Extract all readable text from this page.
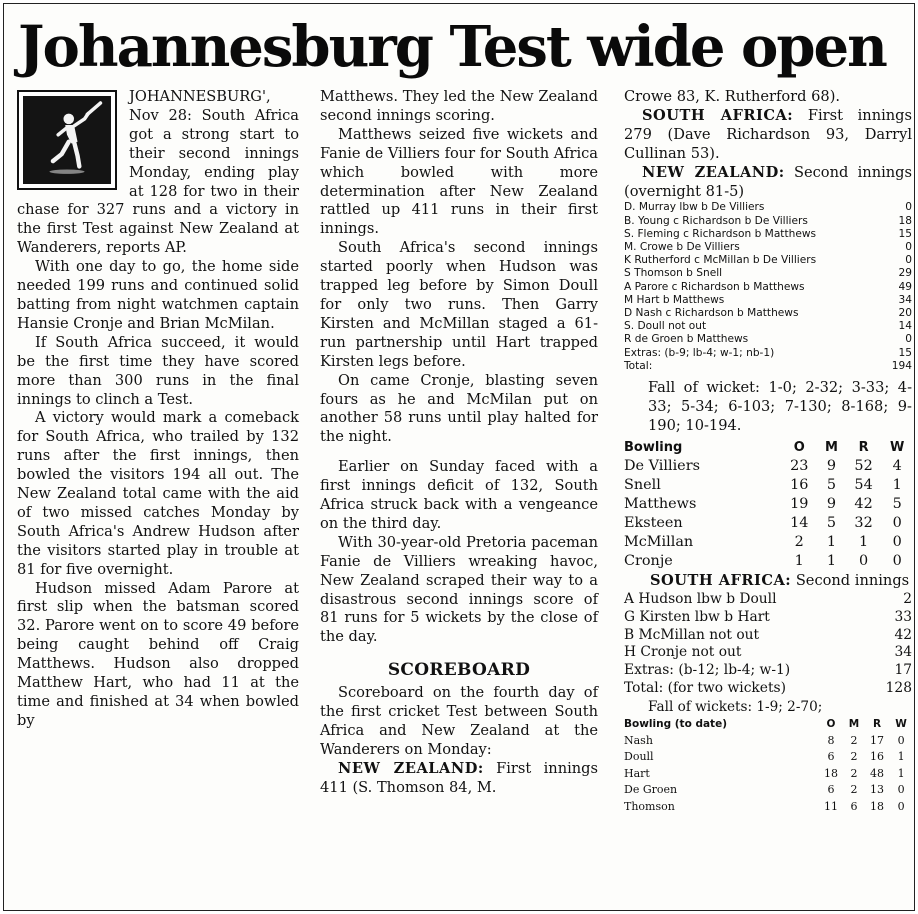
Johannesburg Test wide open

JOHANNESBURG', Nov 28: South Africa got a strong start to their second innings Monday, ending play at 128 for two in their chase for 327 runs and a victory in the first Test against New Zealand at Wanderers, reports AP.

With one day to go, the home side needed 199 runs and continued solid batting from night watchmen captain Hansie Cronje and Brian McMilan.

If South Africa succeed, it would be the first time they have scored more than 300 runs in the final innings to clinch a Test.

A victory would mark a comeback for South Africa, who trailed by 132 runs after the first innings, then bowled the visitors 194 all out. The New Zealand total came with the aid of two missed catches Monday by South Africa's Andrew Hudson after the visitors started play in trouble at 81 for five overnight.

Hudson missed Adam Parore at first slip when the batsman scored 32. Parore went on to score 49 before being caught behind off Craig Matthews. Hudson also dropped Matthew Hart, who had 11 at the time and finished at 34 when bowled by

Matthews. They led the New Zealand second innings scoring.

Matthews seized five wickets and Fanie de Villiers four for South Africa which bowled with more determination after New Zealand rattled up 411 runs in their first innings.

South Africa's second innings started poorly when Hudson was trapped leg before by Simon Doull for only two runs. Then Garry Kirsten and McMillan staged a 61-run partnership until Hart trapped Kirsten legs before.

On came Cronje, blasting seven fours as he and McMilan put on another 58 runs until play halted for the night.

Earlier on Sunday faced with a first innings deficit of 132, South Africa struck back with a vengeance on the third day.

With 30-year-old Pretoria paceman Fanie de Villiers wreaking havoc, New Zealand scraped their way to a disastrous second innings score of 81 runs for 5 wickets by the close of the day.

SCOREBOARD

Scoreboard on the fourth day of the first cricket Test between South Africa and New Zealand at the Wanderers on Monday:

NEW ZEALAND: First innings 411 (S. Thomson 84, M.

Crowe 83, K. Rutherford 68).

SOUTH AFRICA: First innings 279 (Dave Richardson 93, Darryl Cullinan 53).

NEW ZEALAND: Second innings (overnight 81-5)

D. Murray lbw b De Villiers	0
B. Young c Richardson b De Villiers	18
S. Fleming c Richardson b Matthews	15
M. Crowe b De Villiers	0
K Rutherford c McMillan b De Villiers	0
S Thomson b Snell	29
A Parore c Richardson b Matthews	49
M Hart b Matthews	34
D Nash c Richardson b Matthews	20
S. Doull not out	14
R de Groen b Matthews	0
Extras: (b-9; lb-4; w-1; nb-1)	15
Total:	194

Fall of wicket: 1-0; 2-32; 3-33; 4-33; 5-34; 6-103; 7-130; 8-168; 9-190; 10-194.

Bowling	O	M	R	W
De Villiers	23	9	52	4
Snell	16	5	54	1
Matthews	19	9	42	5
Eksteen	14	5	32	0
McMillan	2	1	1	0
Cronje	1	1	0	0

SOUTH AFRICA: Second innings

A Hudson lbw b Doull	2
G Kirsten lbw b Hart	33
B McMillan not out	42
H Cronje not out	34
Extras: (b-12; lb-4; w-1)	17
Total: (for two wickets)	128

Fall of wickets: 1-9; 2-70;

Bowling (to date)	O	M	R	W
Nash	8	2	17	0
Doull	6	2	16	1
Hart	18	2	48	1
De Groen	6	2	13	0
Thomson	11	6	18	0
